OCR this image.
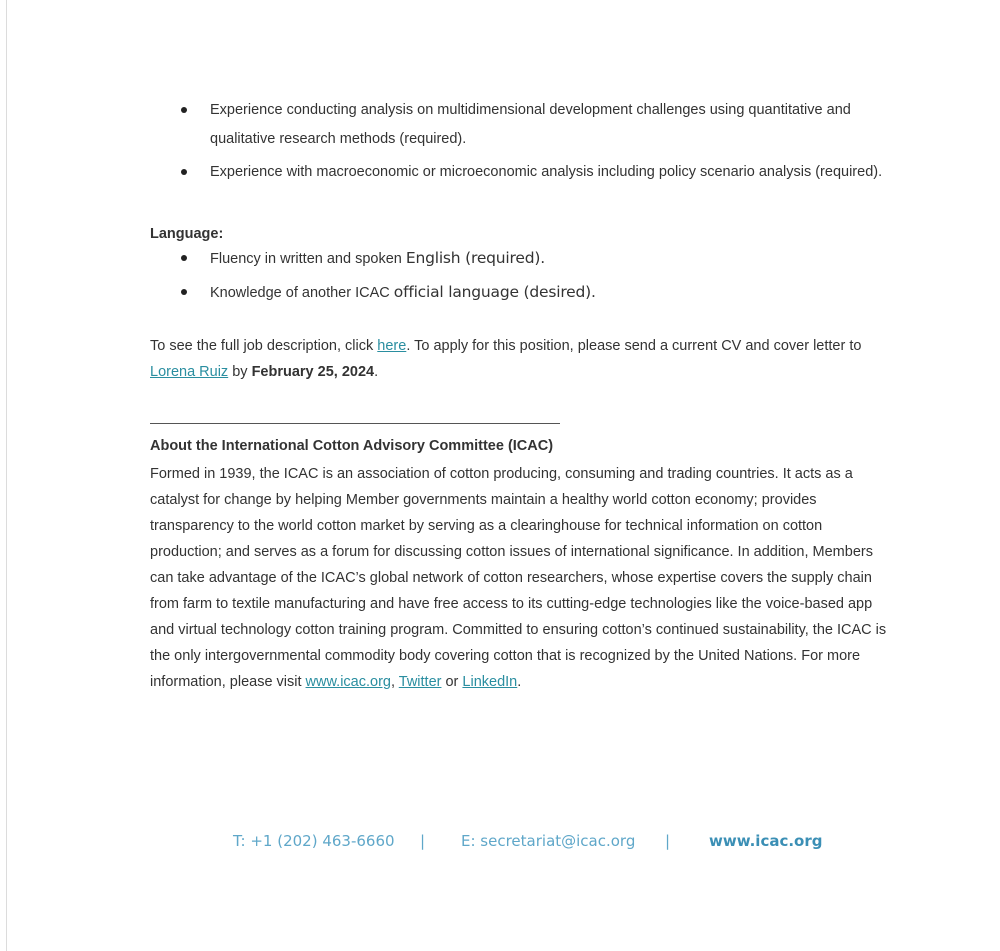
Experience conducting analysis on multidimensional development challenges using quantitative and qualitative research methods (required).
Experience with macroeconomic or microeconomic analysis including policy scenario analysis (required).
Language:
Fluency in written and spoken English (required).
Knowledge of another ICAC official language (desired).
To see the full job description, click here. To apply for this position, please send a current CV and cover letter to Lorena Ruiz by February 25, 2024.
About the International Cotton Advisory Committee (ICAC)
Formed in 1939, the ICAC is an association of cotton producing, consuming and trading countries. It acts as a catalyst for change by helping Member governments maintain a healthy world cotton economy; provides transparency to the world cotton market by serving as a clearinghouse for technical information on cotton production; and serves as a forum for discussing cotton issues of international significance. In addition, Members can take advantage of the ICAC’s global network of cotton researchers, whose expertise covers the supply chain from farm to textile manufacturing and have free access to its cutting-edge technologies like the voice-based app and virtual technology cotton training program. Committed to ensuring cotton’s continued sustainability, the ICAC is the only intergovernmental commodity body covering cotton that is recognized by the United Nations. For more information, please visit www.icac.org, Twitter or LinkedIn.
T: +1 (202) 463-6660 | E: secretariat@icac.org |	www.icac.org
